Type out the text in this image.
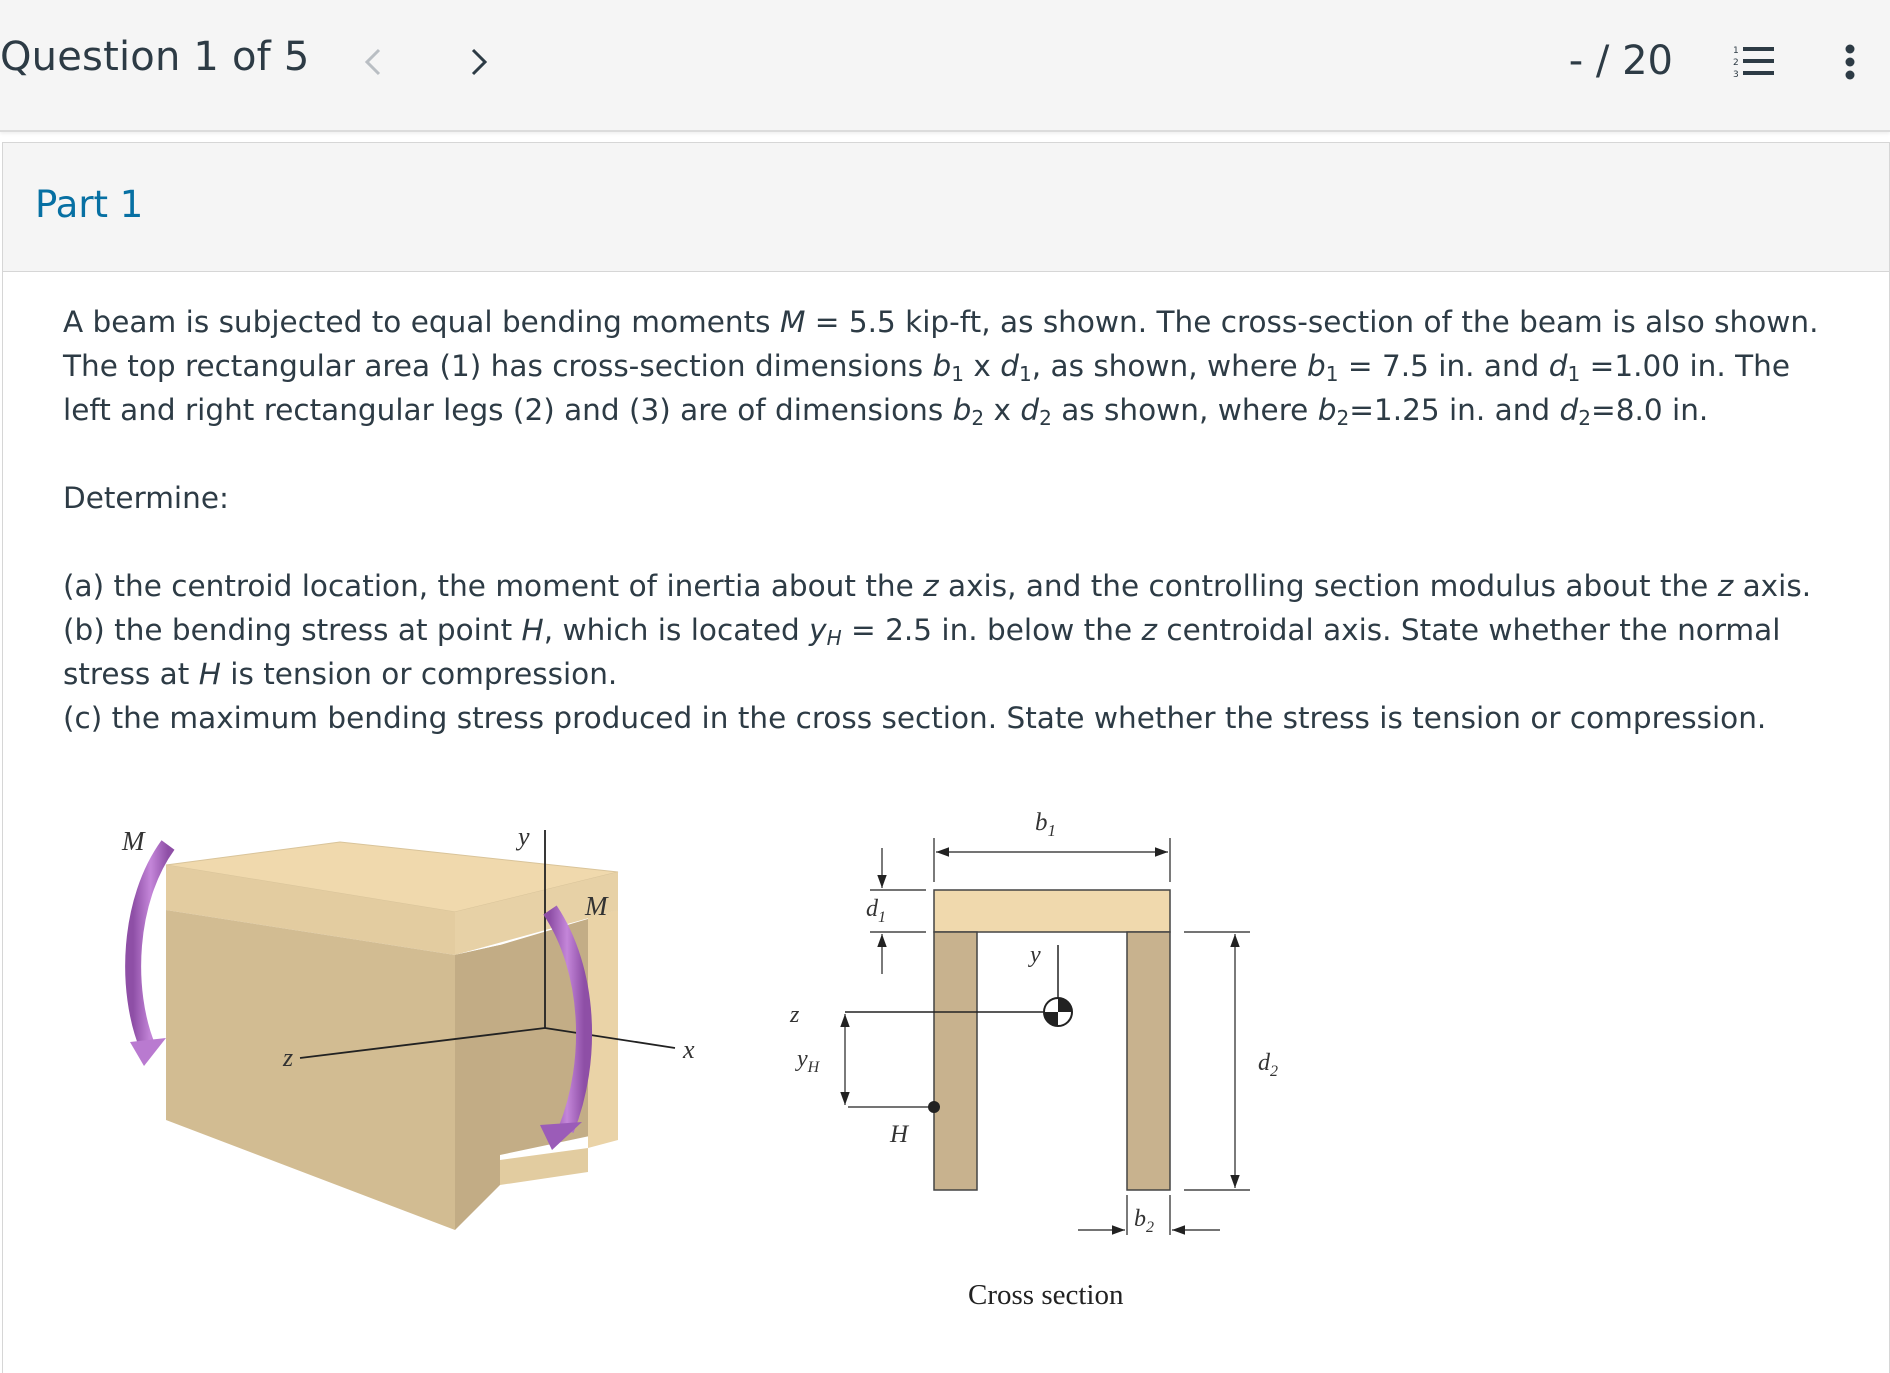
Question 1 of 5	- / 20	1
2
3
Part 1

A beam is subjected to equal bending moments M = 5.5 kip-ft, as shown. The cross-section of the beam is also shown. The top rectangular area (1) has cross-section dimensions $b_1$ x $d_1$, as shown, where $b_1 = 7.5$ in. and $d_1 =1.00$ in. The left and right rectangular legs (2) and (3) are of dimensions $b_2$ x $d_2$ as shown, where $b_2=1.25$ in. and $d_2=8.0$ in.

Determine:

(a) the centroid location, the moment of inertia about the z axis, and the controlling section modulus about the z axis.

(b) the bending stress at point H, which is located $y_H = 2.5$ in. below the z centroidal axis. State whether the normal stress at H is tension or compression.

(c) the maximum bending stress produced in the cross section. State whether the stress is tension or compression.

y
z	x
M
M
y
z
H
$b_1$
$d_1$
$y_H$	$d_2$
$b_2$
Cross section
